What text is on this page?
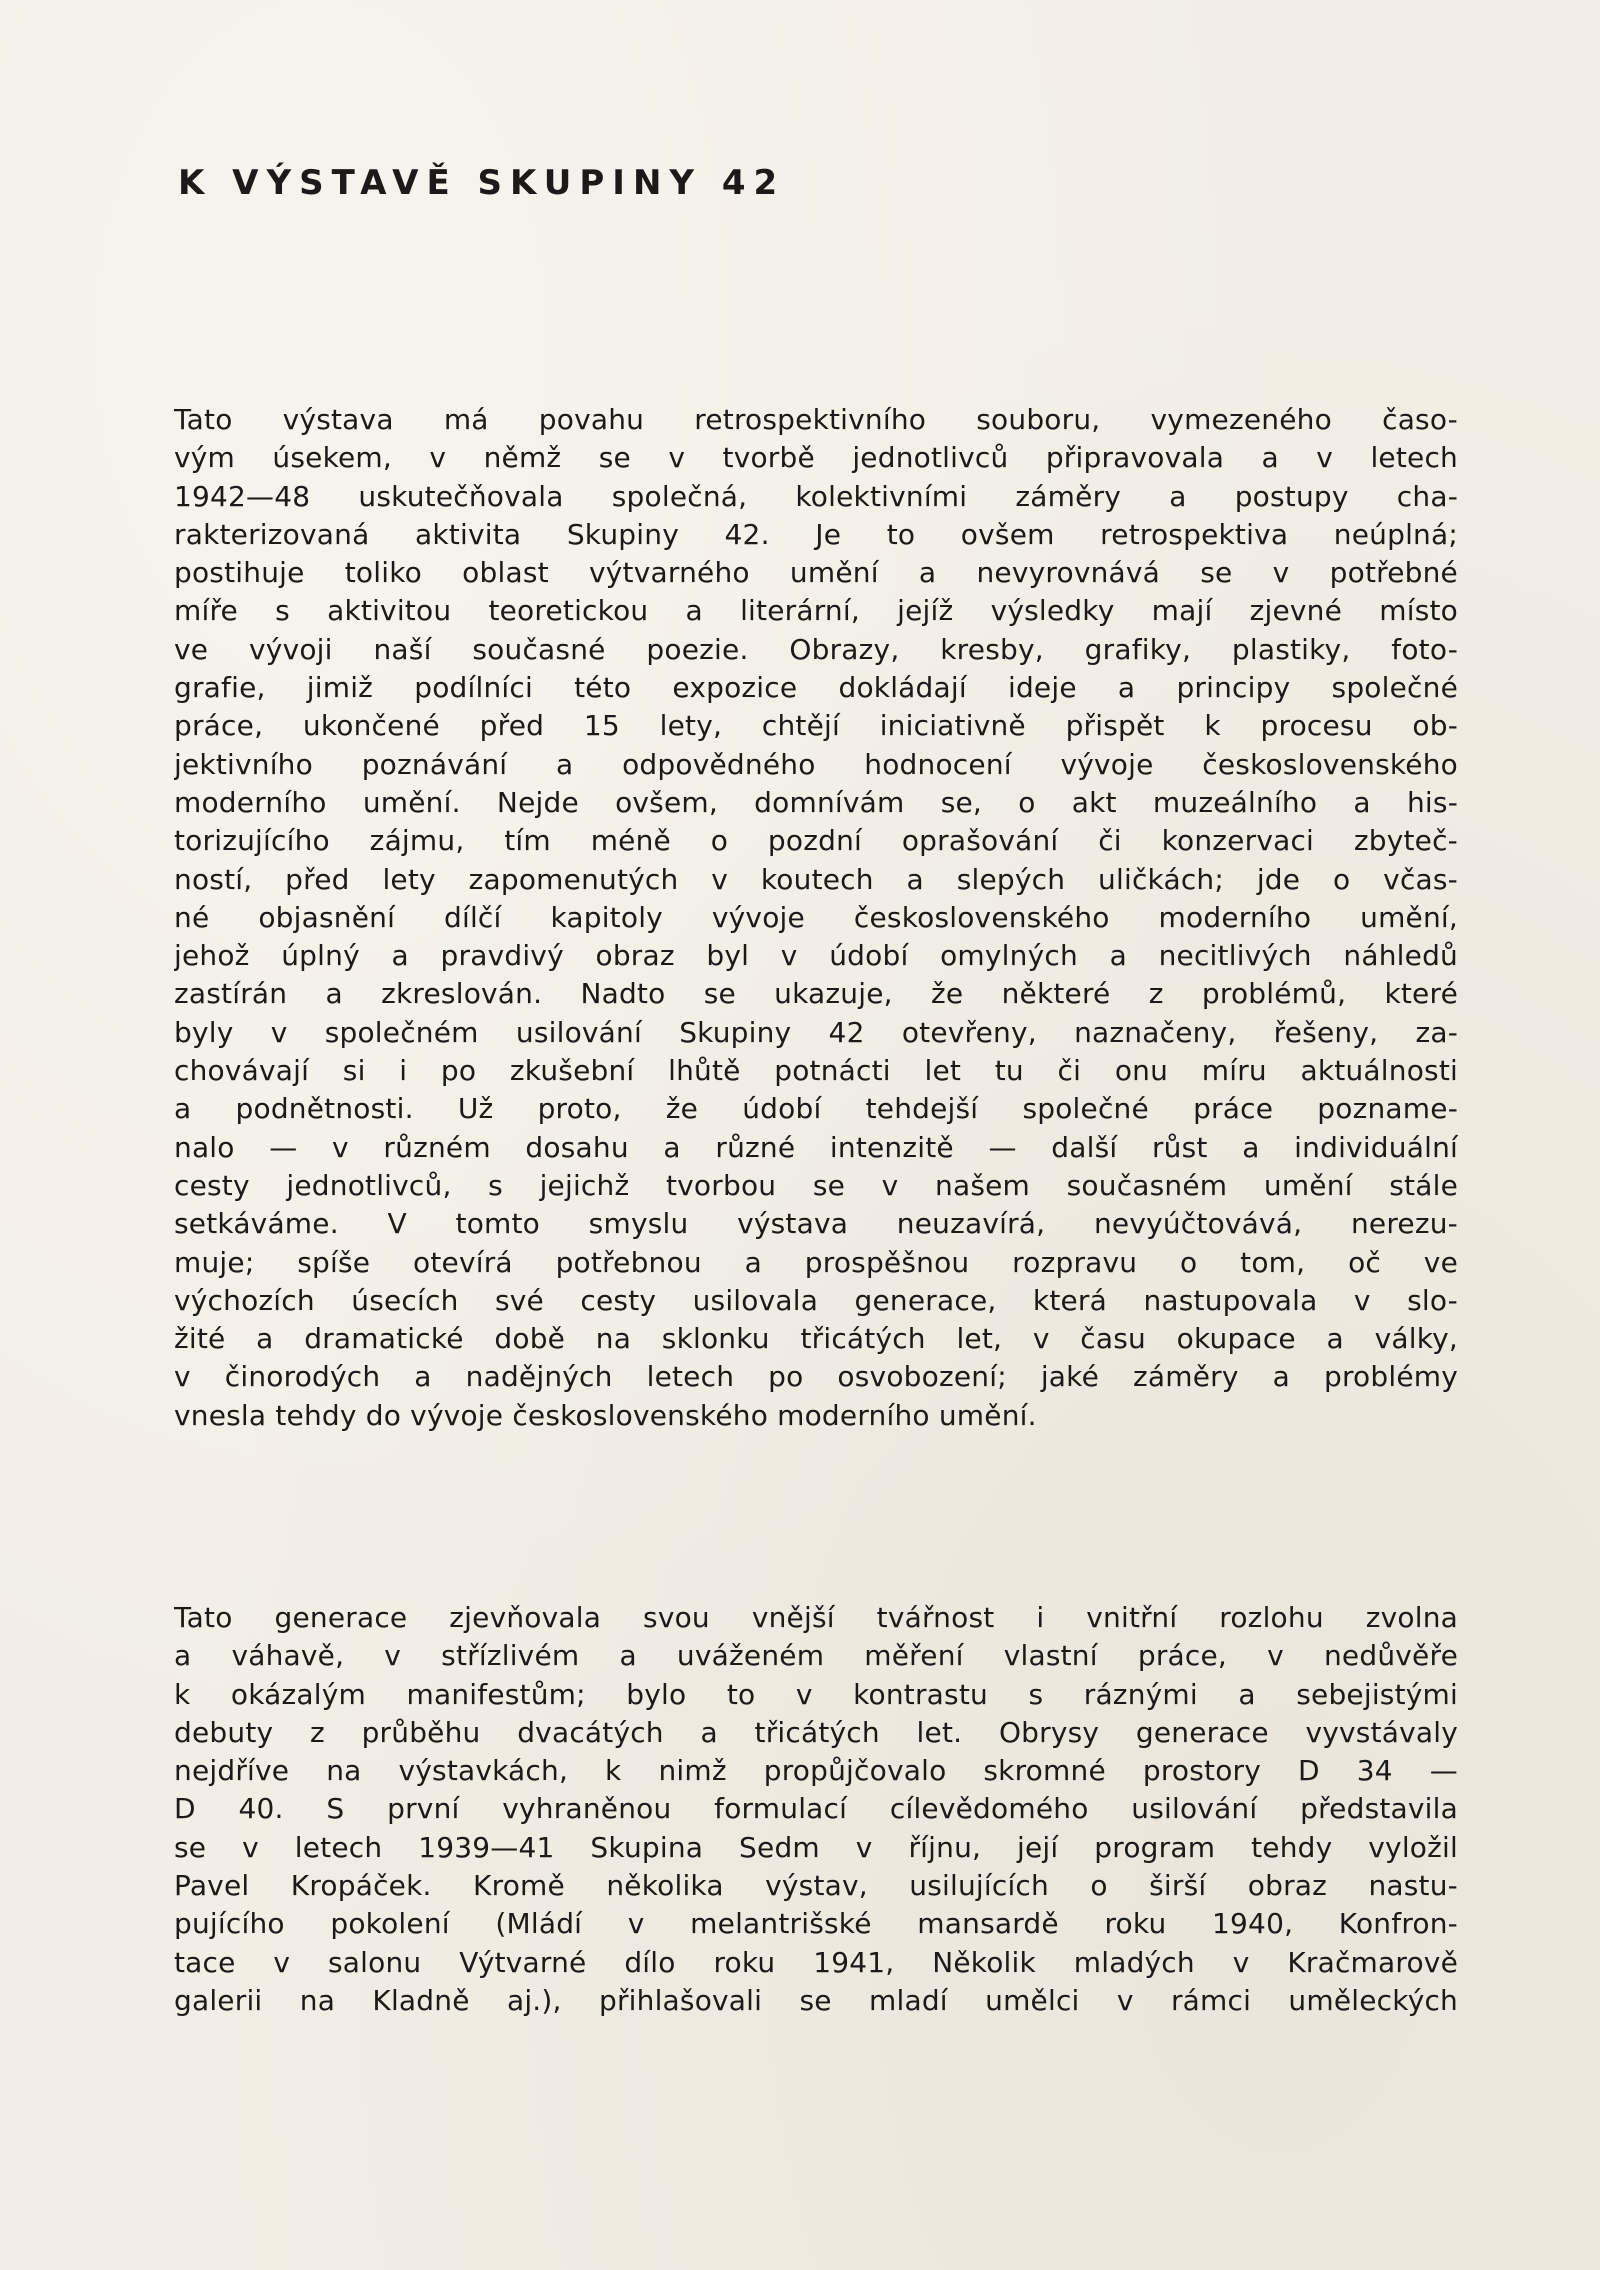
K VÝSTAVĚ SKUPINY 42
Tato výstava má povahu retrospektivního souboru, vymezeného časo-
vým úsekem, v němž se v tvorbě jednotlivců připravovala a v letech
1942—48 uskutečňovala společná, kolektivními záměry a postupy cha-
rakterizovaná aktivita Skupiny 42. Je to ovšem retrospektiva neúplná;
postihuje toliko oblast výtvarného umění a nevyrovnává se v potřebné
míře s aktivitou teoretickou a literární, jejíž výsledky mají zjevné místo
ve vývoji naší současné poezie. Obrazy, kresby, grafiky, plastiky, foto-
grafie, jimiž podílníci této expozice dokládají ideje a principy společné
práce, ukončené před 15 lety, chtějí iniciativně přispět k procesu ob-
jektivního poznávání a odpovědného hodnocení vývoje československého
moderního umění. Nejde ovšem, domnívám se, o akt muzeálního a his-
torizujícího zájmu, tím méně o pozdní oprašování či konzervaci zbyteč-
ností, před lety zapomenutých v koutech a slepých uličkách; jde o včas-
né objasnění dílčí kapitoly vývoje československého moderního umění,
jehož úplný a pravdivý obraz byl v údobí omylných a necitlivých náhledů
zastírán a zkreslován. Nadto se ukazuje, že některé z problémů, které
byly v společném usilování Skupiny 42 otevřeny, naznačeny, řešeny, za-
chovávají si i po zkušební lhůtě potnácti let tu či onu míru aktuálnosti
a podnětnosti. Už proto, že údobí tehdejší společné práce poznamе-
nalo — v různém dosahu a různé intenzitě — další růst a individuální
cesty jednotlivců, s jejichž tvorbou se v našem současném umění stále
setkáváme. V tomto smyslu výstava neuzavírá, nevyúčtovává, nerezu-
muje; spíše otevírá potřebnou a prospěšnou rozpravu o tom, oč ve
výchozích úsecích své cesty usilovala generace, která nastupovala v slo-
žité a dramatické době na sklonku třicátých let, v času okupace a války,
v činorodých a nadějných letech po osvobození; jaké záměry a problémy
vnesla tehdy do vývoje československého moderního umění.
Tato generace zjevňovala svou vnější tvářnost i vnitřní rozlohu zvolna
a váhavě, v střízlivém a uváženém měření vlastní práce, v nedůvěře
k okázalým manifestům; bylo to v kontrastu s ráznými a sebejistými
debuty z průběhu dvacátých a třicátých let. Obrysy generace vyvstávaly
nejdříve na výstavkách, k nimž propůjčovalo skromné prostory D 34 —
D 40. S první vyhraněnou formulací cílevědomého usilování představila
se v letech 1939—41 Skupina Sedm v říjnu, její program tehdy vyložil
Pavel Kropáček. Kromě několika výstav, usilujících o širší obraz nastu-
pujícího pokolení (Mládí v melantrišské mansardě roku 1940, Konfron-
tace v salonu Výtvarné dílo roku 1941, Několik mladých v Kračmarově
galerii na Kladně aj.), přihlašovali se mladí umělci v rámci uměleckých
